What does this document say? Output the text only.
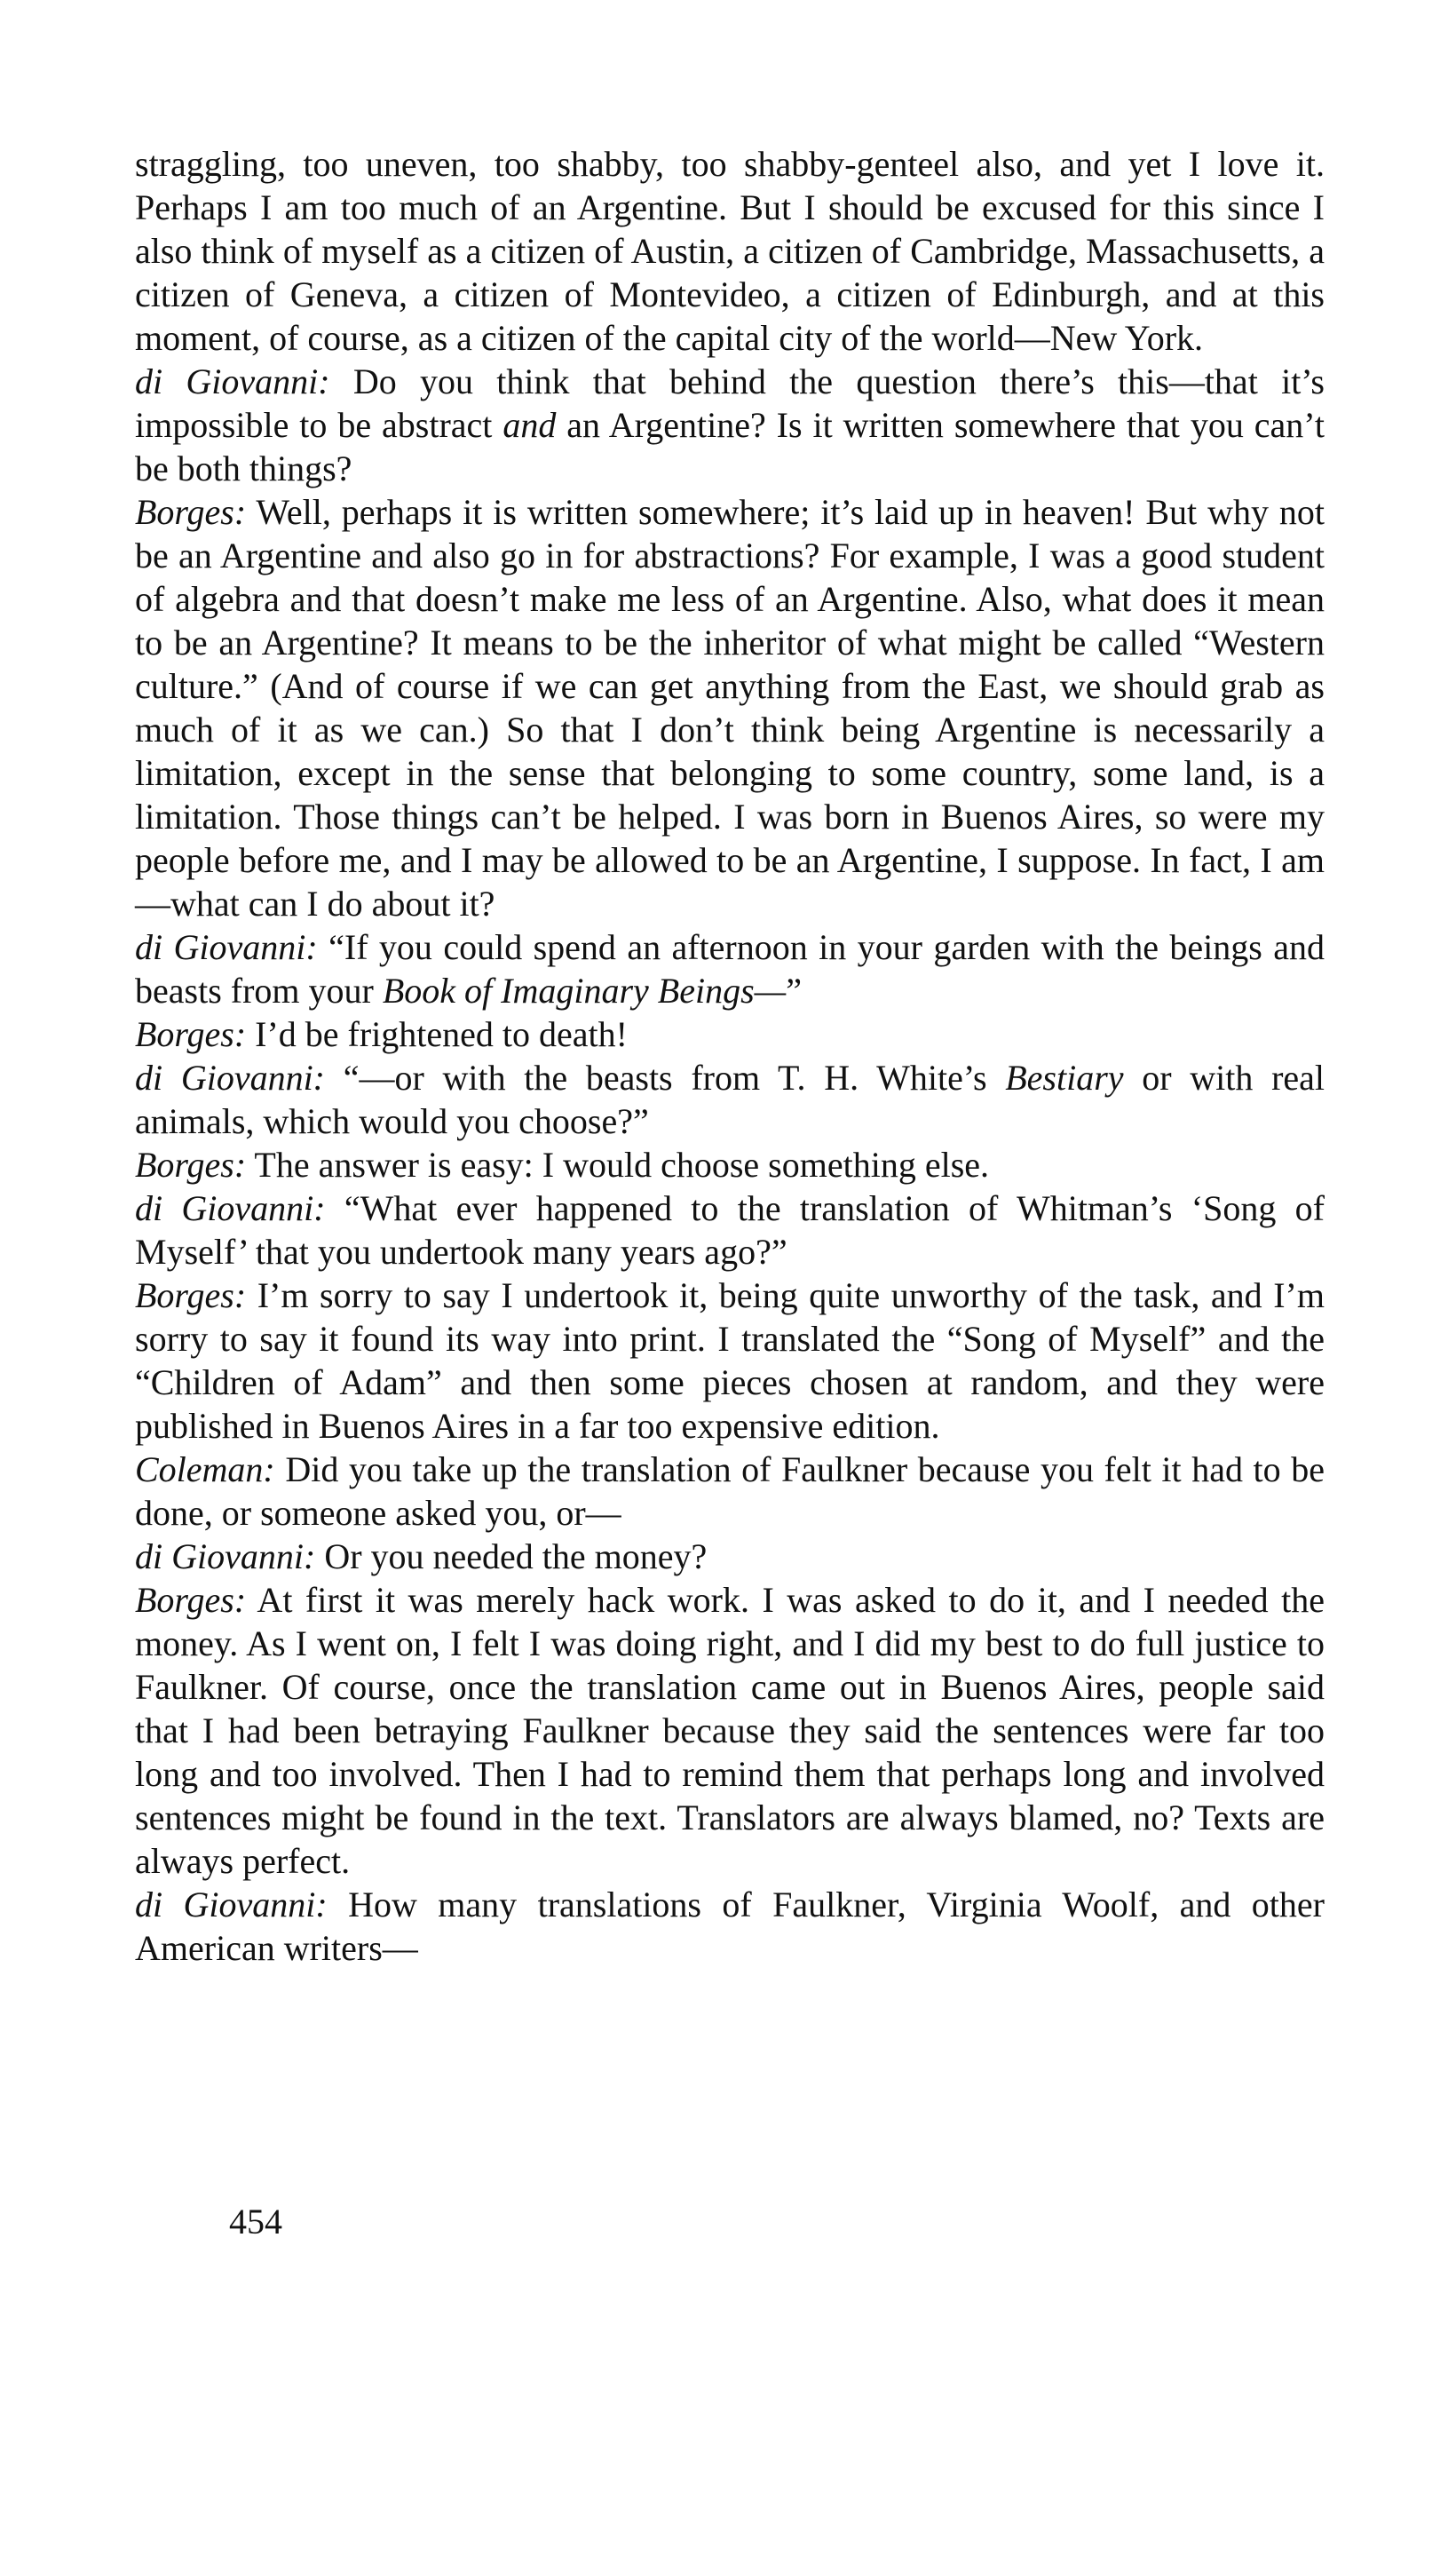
straggling, too uneven, too shabby, too shabby-genteel also, and yet I love it. Perhaps I am too much of an Argentine. But I should be excused for this since I also think of myself as a citizen of Austin, a citizen of Cambridge, Massachusetts, a citizen of Geneva, a citizen of Montevideo, a citizen of Edinburgh, and at this moment, of course, as a citizen of the capital city of the world—New York.

di Giovanni: Do you think that behind the question there’s this—that it’s impossible to be abstract and an Argentine? Is it written somewhere that you can’t be both things?

Borges: Well, perhaps it is written somewhere; it’s laid up in heaven! But why not be an Argentine and also go in for abstractions? For example, I was a good student of algebra and that doesn’t make me less of an Argentine. Also, what does it mean to be an Argentine? It means to be the inheritor of what might be called “Western culture.” (And of course if we can get anything from the East, we should grab as much of it as we can.) So that I don’t think being Argentine is necessarily a limitation, except in the sense that belonging to some country, some land, is a limitation. Those things can’t be helped. I was born in Buenos Aires, so were my people before me, and I may be allowed to be an Argentine, I suppose. In fact, I am—what can I do about it?

di Giovanni: “If you could spend an afternoon in your garden with the beings and beasts from your Book of Imaginary Beings—”

Borges: I’d be frightened to death!

di Giovanni: “—or with the beasts from T. H. White’s Bestiary or with real animals, which would you choose?”

Borges: The answer is easy: I would choose something else.

di Giovanni: “What ever happened to the translation of Whitman’s ‘Song of Myself’ that you undertook many years ago?”

Borges: I’m sorry to say I undertook it, being quite unworthy of the task, and I’m sorry to say it found its way into print. I translated the “Song of Myself” and the “Children of Adam” and then some pieces chosen at random, and they were published in Buenos Aires in a far too expensive edition.

Coleman: Did you take up the translation of Faulkner because you felt it had to be done, or someone asked you, or—

di Giovanni: Or you needed the money?

Borges: At first it was merely hack work. I was asked to do it, and I needed the money. As I went on, I felt I was doing right, and I did my best to do full justice to Faulkner. Of course, once the translation came out in Buenos Aires, people said that I had been betraying Faulkner because they said the sentences were far too long and too involved. Then I had to remind them that perhaps long and involved sentences might be found in the text. Translators are always blamed, no? Texts are always perfect.

di Giovanni: How many translations of Faulkner, Virginia Woolf, and other American writers—

454
